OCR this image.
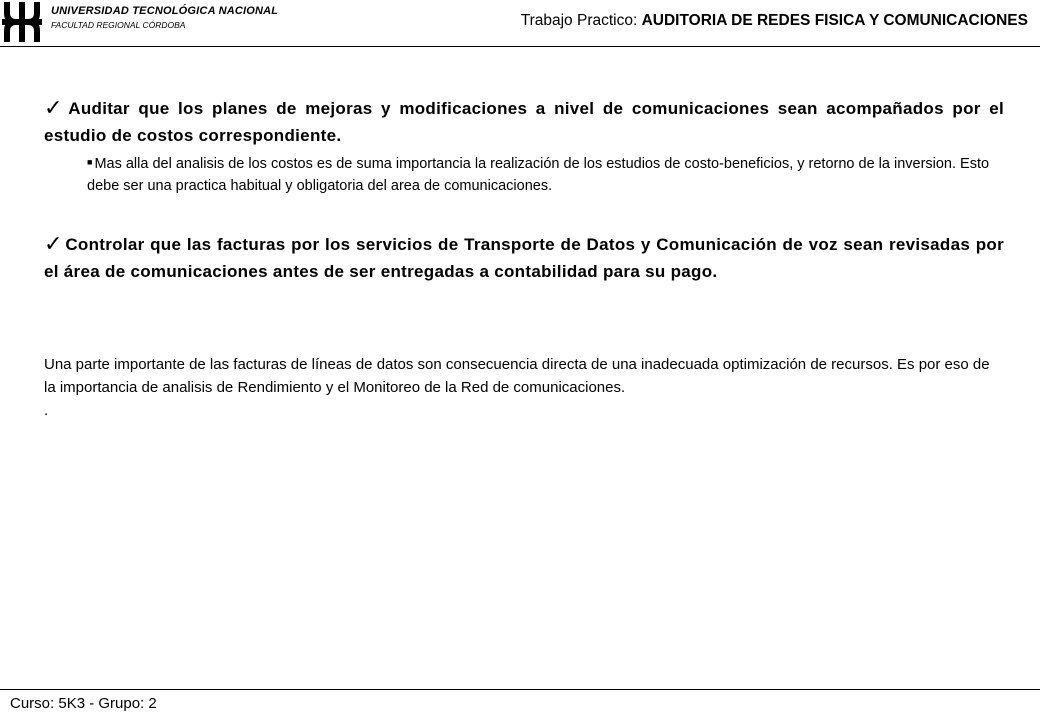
UNIVERSIDAD TECNOLÓGICA NACIONAL
FACULTAD REGIONAL CÓRDOBA	Trabajo Practico: AUDITORIA DE REDES FISICA Y COMUNICACIONES

✓ Auditar que los planes de mejoras y modificaciones a nivel de comunicaciones sean acompañados por el estudio de costos correspondiente.

■ Mas alla del analisis de los costos es de suma importancia la realización de los estudios de costo-beneficios, y retorno de la inversion. Esto debe ser una practica habitual y obligatoria del area de comunicaciones.

✓ Controlar que las facturas por los servicios de Transporte de Datos y Comunicación de voz sean revisadas por el área de comunicaciones antes de ser entregadas a contabilidad para su pago.

Una parte importante de las facturas de líneas de datos son consecuencia directa de una inadecuada optimización de recursos. Es por eso de la importancia de analisis de Rendimiento y el Monitoreo de la Red de comunicaciones.

.

Curso: 5K3 - Grupo: 2
